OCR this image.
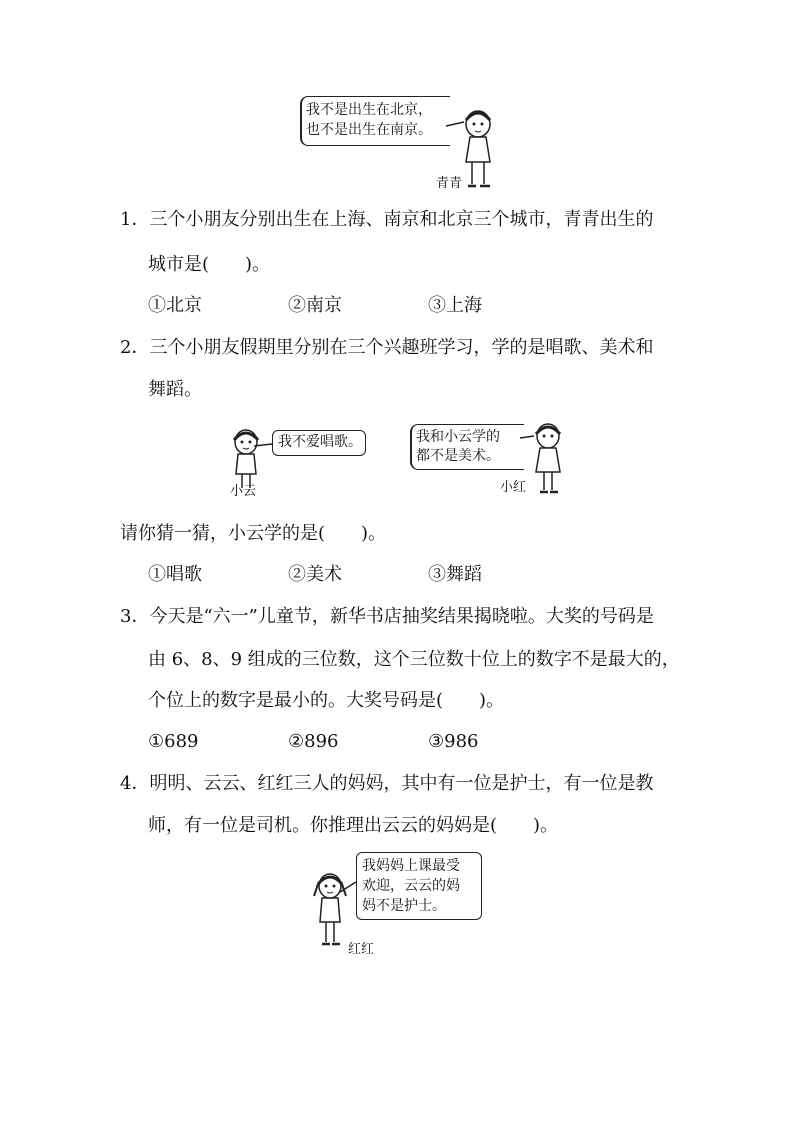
我不是出生在北京，
也不是出生在南京。
青青
1．三个小朋友分别出生在上海、南京和北京三个城市，青青出生的
城市是(　　)。
①北京	②南京	③上海
2．三个小朋友假期里分别在三个兴趣班学习，学的是唱歌、美术和
舞蹈。
我不爱唱歌。
小云
我和小云学的
都不是美术。
小红
请你猜一猜，小云学的是(　　)。
①唱歌	②美术	③舞蹈
3．今天是“六一”儿童节，新华书店抽奖结果揭晓啦。大奖的号码是
由 6、8、9 组成的三位数，这个三位数十位上的数字不是最大的，
个位上的数字是最小的。大奖号码是(　　)。
①689	②896	③986
4．明明、云云、红红三人的妈妈，其中有一位是护士，有一位是教
师，有一位是司机。你推理出云云的妈妈是(　　)。
我妈妈上课最受
欢迎，云云的妈
妈不是护士。
红红
